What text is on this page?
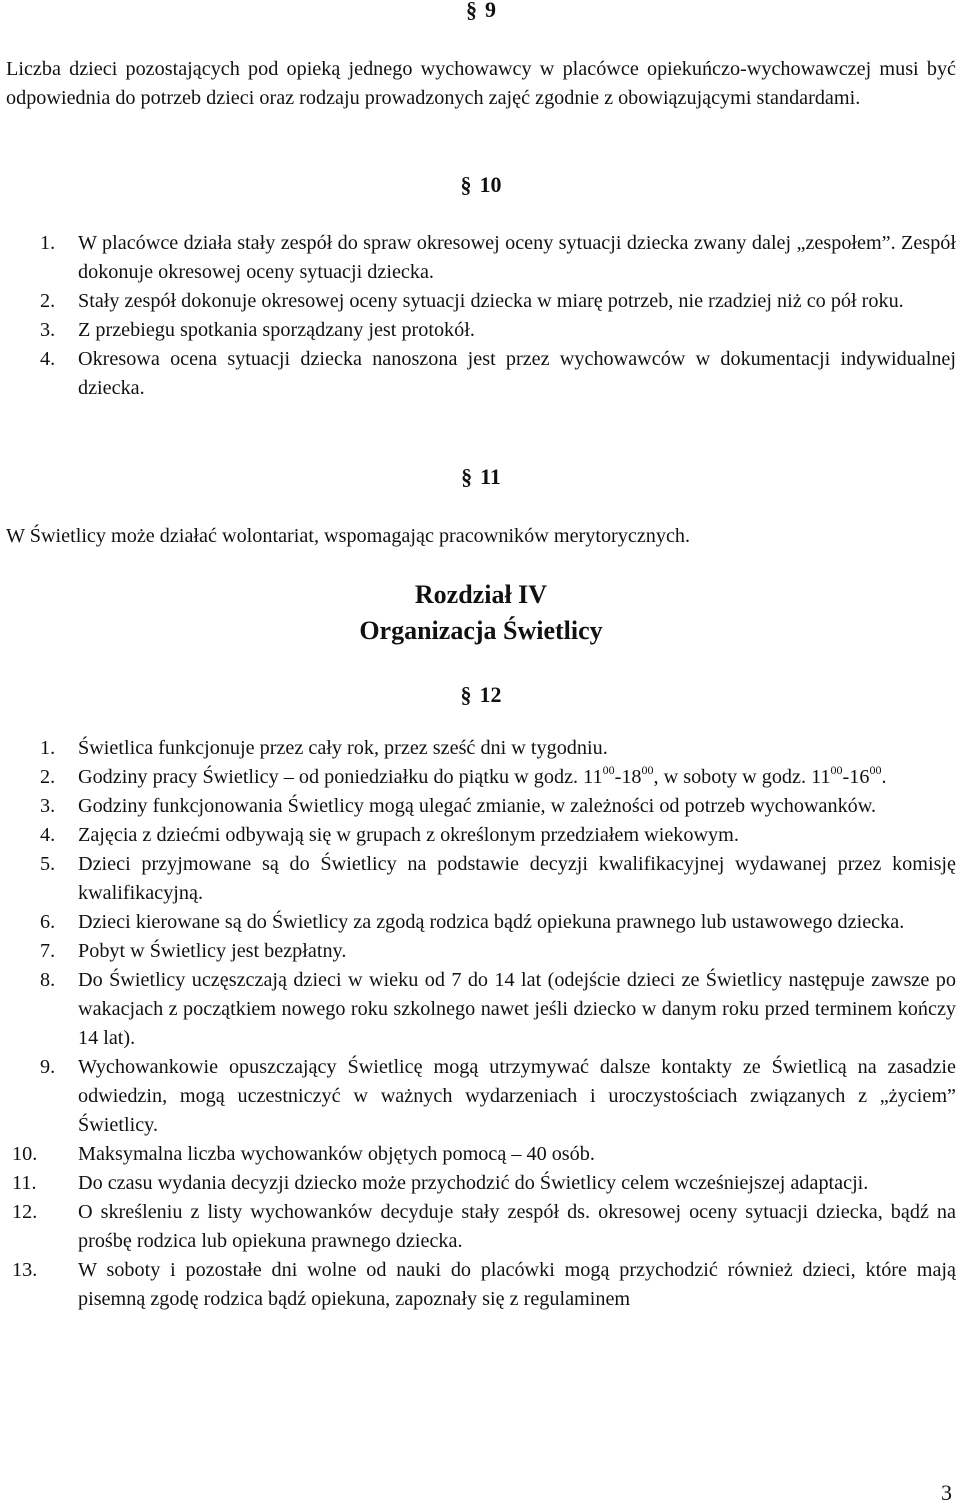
§ 9

Liczba dzieci pozostających pod opieką jednego wychowawcy w placówce opiekuńczo-wychowawczej musi być odpowiednia do potrzeb dzieci oraz rodzaju prowadzonych zajęć zgodnie z obowiązującymi standardami.

§ 10
1.	W placówce działa stały zespół do spraw okresowej oceny sytuacji dziecka zwany dalej „zespołem”. Zespół dokonuje okresowej oceny sytuacji dziecka.

2.	Stały zespół dokonuje okresowej oceny sytuacji dziecka w miarę potrzeb, nie rzadziej niż co pół roku.

3.	Z przebiegu spotkania sporządzany jest protokół.

4.	Okresowa ocena sytuacji dziecka nanoszona jest przez wychowawców w dokumentacji indywidualnej dziecka.

§ 11

W Świetlicy może działać wolontariat, wspomagając pracowników merytorycznych.

Rozdział IV
Organizacja Świetlicy
§ 12
1.	Świetlica funkcjonuje przez cały rok, przez sześć dni w tygodniu.

2.	Godziny pracy Świetlicy – od poniedziałku do piątku w godz. $11^{00}-18^{00}$, w soboty w godz. $11^{00}-16^{00}$.

3.	Godziny funkcjonowania Świetlicy mogą ulegać zmianie, w zależności od potrzeb wychowanków.

4.	Zajęcia z dziećmi odbywają się w grupach z określonym przedziałem wiekowym.

5.	Dzieci przyjmowane są do Świetlicy na podstawie decyzji kwalifikacyjnej wydawanej przez komisję kwalifikacyjną.

6.	Dzieci kierowane są do Świetlicy za zgodą rodzica bądź opiekuna prawnego lub ustawowego dziecka.

7.	Pobyt w Świetlicy jest bezpłatny.

8.	Do Świetlicy uczęszczają dzieci w wieku od 7 do 14 lat (odejście dzieci ze Świetlicy następuje zawsze po wakacjach z początkiem nowego roku szkolnego nawet jeśli dziecko w danym roku przed terminem kończy 14 lat).

9.	Wychowankowie opuszczający Świetlicę mogą utrzymywać dalsze kontakty ze Świetlicą na zasadzie odwiedzin, mogą uczestniczyć w ważnych wydarzeniach i uroczystościach związanych z „życiem” Świetlicy.

10.	Maksymalna liczba wychowanków objętych pomocą – 40 osób.

11.	Do czasu wydania decyzji dziecko może przychodzić do Świetlicy celem wcześniejszej adaptacji.

12.	O skreśleniu z listy wychowanków decyduje stały zespół ds. okresowej oceny sytuacji dziecka, bądź na prośbę rodzica lub opiekuna prawnego dziecka.

13.	W soboty i pozostałe dni wolne od nauki do placówki mogą przychodzić również dzieci, które mają pisemną zgodę rodzica bądź opiekuna, zapoznały się z regulaminem

3
